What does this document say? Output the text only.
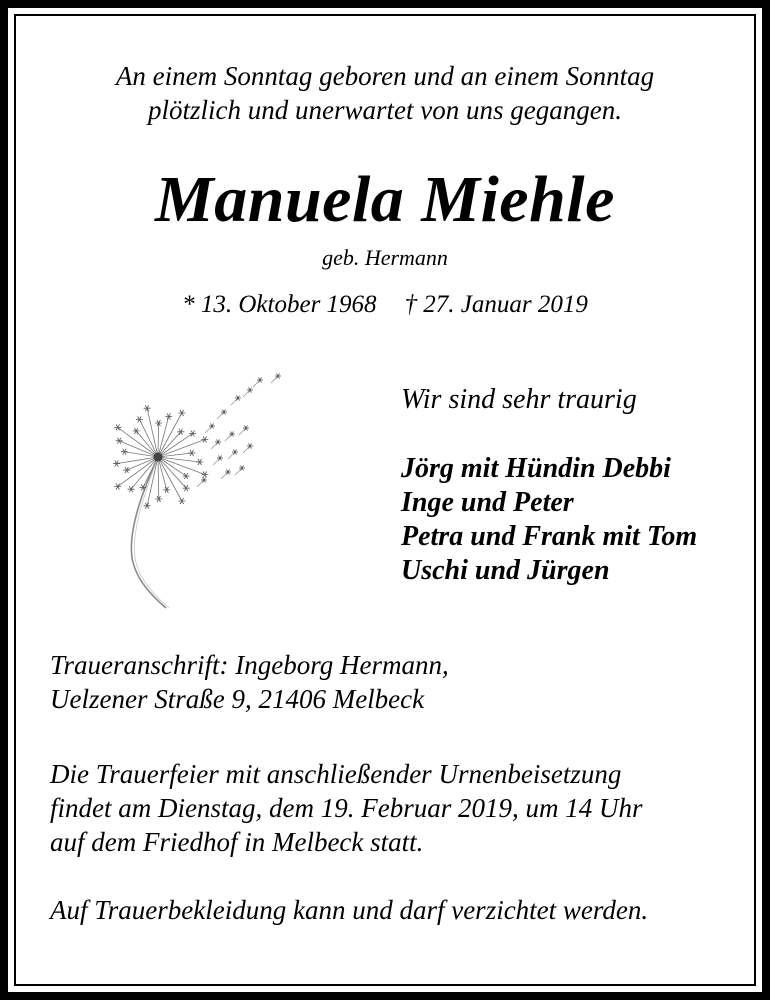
An einem Sonntag geboren und an einem Sonntag
plötzlich und unerwartet von uns gegangen.
Manuela Miehle
geb. Hermann
* 13. Oktober 1968 † 27. Januar 2019
Wir sind sehr traurig
Jörg mit Hündin Debbi
Inge und Peter
Petra und Frank mit Tom
Uschi und Jürgen
Traueranschrift: Ingeborg Hermann,
Uelzener Straße 9, 21406 Melbeck
Die Trauerfeier mit anschließender Urnenbeisetzung
findet am Dienstag, dem 19. Februar 2019, um 14 Uhr
auf dem Friedhof in Melbeck statt.
Auf Trauerbekleidung kann und darf verzichtet werden.
